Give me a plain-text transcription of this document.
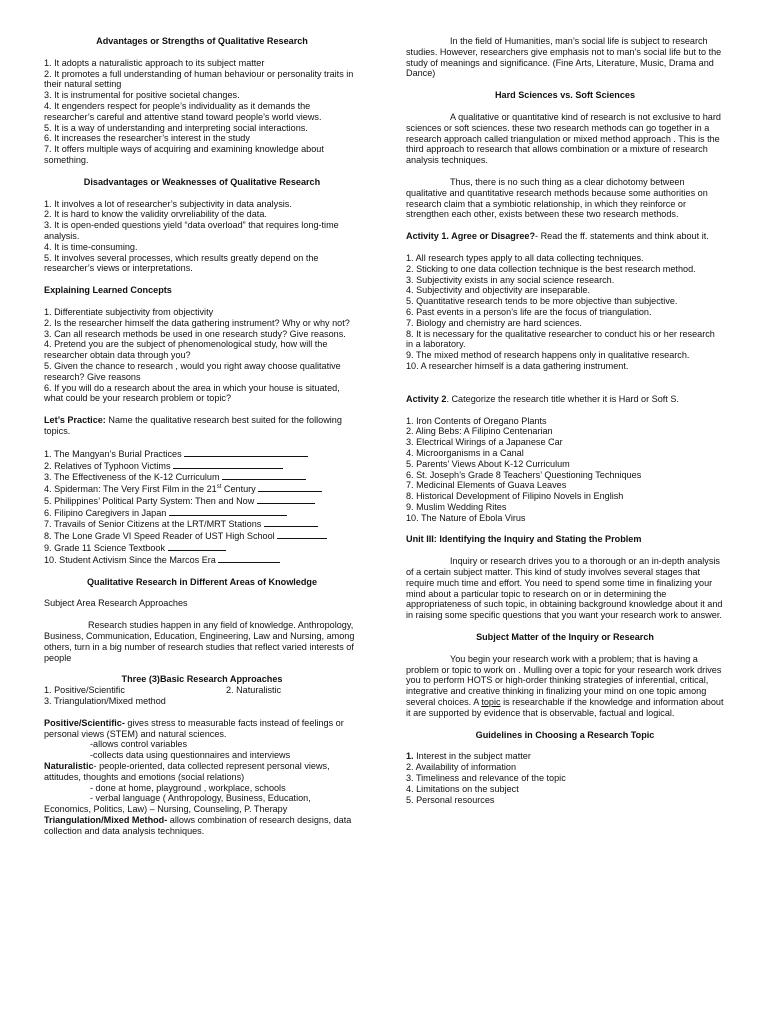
Advantages or Strengths of Qualitative Research

1. It adopts a naturalistic approach to its subject matter
2. It promotes a full understanding of human behaviour or personality traits in their natural setting
3. It is instrumental for positive societal changes.
4. It engenders respect for people’s individuality as it demands the researcher’s careful and attentive stand toward people’s world views.
5. It is a way of understanding and interpreting social interactions.
6. It increases the researcher’s interest in the study
7. It offers multiple ways of acquiring and examining knowledge about something.

Disadvantages or Weaknesses of Qualitative Research

1. It involves a lot of researcher’s subjectivity in data analysis.
2. It is hard to know the validity orvreliability of the data.
3. It is open-ended questions yield “data overload” that requires long-time analysis.
4. It is time-consuming.
5. It involves several processes, which results greatly depend on the researcher’s views or interpretations.

Explaining Learned Concepts

1. Differentiate subjectivity from objectivity
2. Is the researcher himself the data gathering instrument? Why or why not?
3. Can all research methods be used in one research study? Give reasons.
4. Pretend you are the subject of phenomenological study, how will the researcher obtain data through you?
5. Given the chance to research , would you right away choose qualitative research? Give reasons
6. If you will do a research about the area in which your house is situated, what could be your research problem or topic?

Let’s Practice: Name the qualitative research best suited for the following topics.

1. The Mangyan’s Burial Practices
2. Relatives of Typhoon Victims
3. The Effectiveness of the K-12 Curriculum
4. Spiderman: The Very First Film in the 21st Century
5. Philippines’ Political Party System: Then and Now
6. Filipino Caregivers in Japan
7. Travails of Senior Citizens at the LRT/MRT Stations
8. The Lone Grade VI Speed Reader of UST High School
9. Grade 11 Science Textbook
10. Student Activism Since the Marcos Era

Qualitative Research in Different Areas of Knowledge

Subject Area Research Approaches

Research studies happen in any field of knowledge. Anthropology, Business, Communication, Education, Engineering, Law and Nursing, among others, turn in a big number of research studies that reflect varied interests of people

Three (3)Basic Research Approaches

1. Positive/Scientific	2. Naturalistic

3. Triangulation/Mixed method

Positive/Scientific- gives stress to measurable facts instead of feelings or personal views (STEM) and natural sciences.

-allows control variables

-collects data using questionnaires and interviews

Naturalistic- people-oriented, data collected represent personal views, attitudes, thoughts and emotions (social relations)

- done at home, playground , workplace, schools

- verbal language ( Anthropology, Business, Education, Economics, Politics, Law) – Nursing, Counseling, P. Therapy

Triangulation/Mixed Method- allows combination of research designs, data collection and data analysis techniques.

In the field of Humanities, man’s social life is subject to research studies. However, researchers give emphasis not to man’s social life but to the study of meanings and significance. (Fine Arts, Literature, Music, Drama and Dance)

Hard Sciences vs. Soft Sciences

A qualitative or quantitative kind of research is not exclusive to hard sciences or soft sciences. these two research methods can go together in a research approach called triangulation or mixed method approach . This is the third approach to research that allows combination or a mixture of research analysis techniques.

Thus, there is no such thing as a clear dichotomy between qualitative and quantitative research methods because some authorities on research claim that a symbiotic relationship, in which they reinforce or strengthen each other, exists between these two research methods.

Activity 1. Agree or Disagree?- Read the ff. statements and think about it.

1. All research types apply to all data collecting techniques.
2. Sticking to one data collection technique is the best research method.
3. Subjectivity exists in any social science research.
4. Subjectivity and objectivity are inseparable.
5. Quantitative research tends to be more objective than subjective.
6. Past events in a person’s life are the focus of triangulation.
7. Biology and chemistry are hard sciences.
8. It is necessary for the qualitative researcher to conduct his or her research in a laboratory.
9. The mixed method of research happens only in qualitative research.
10. A researcher himself is a data gathering instrument.

Activity 2. Categorize the research title whether it is Hard or Soft S.

1. Iron Contents of Oregano Plants
2. Aling Bebs: A Filipino Centenarian
3. Electrical Wirings of a Japanese Car
4. Microorganisms in a Canal
5. Parents’ Views About K-12 Curriculum
6. St. Joseph’s Grade 8 Teachers’ Questioning Techniques
7. Medicinal Elements of Guava Leaves
8. Historical Development of Filipino Novels in English
9. Muslim Wedding Rites
10. The Nature of Ebola Virus

Unit III: Identifying the Inquiry and Stating the Problem

Inquiry or research drives you to a thorough or an in-depth analysis of a certain subject matter. This kind of study involves several stages that require much time and effort. You need to spend some time in finalizing your mind about a particular topic to research on or in determining the appropriateness of such topic, in obtaining background knowledge about it and in raising some specific questions that you want your research work to answer.

Subject Matter of the Inquiry or Research

You begin your research work with a problem; that is having a problem or topic to work on . Mulling over a topic for your research work drives you to perform HOTS or high-order thinking strategies of inferential, critical, integrative and creative thinking in finalizing your mind on one topic among several choices. A topic is researchable if the knowledge and information about it are supported by evidence that is observable, factual and logical.

Guidelines in Choosing a Research Topic

1. Interest in the subject matter
2. Availability of information
3. Timeliness and relevance of the topic
4. Limitations on the subject
5. Personal resources
